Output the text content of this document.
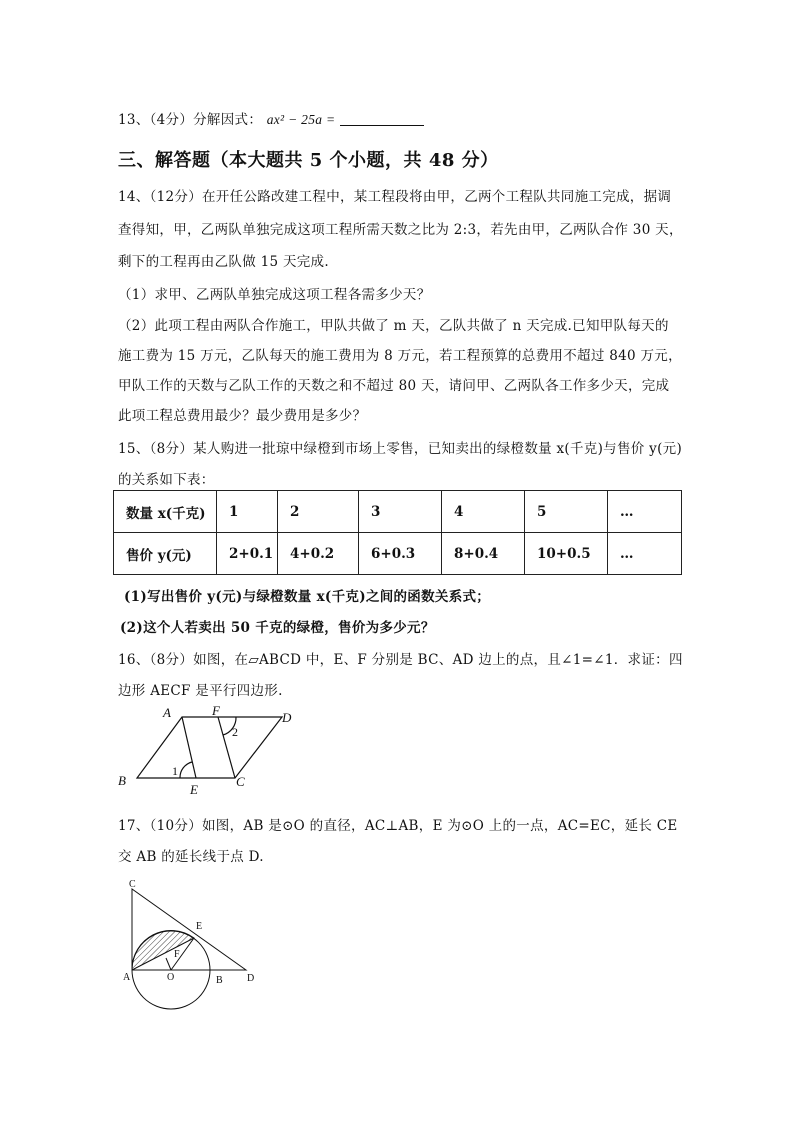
13、（4分）分解因式： ax² − 25a =
三、解答题（本大题共 5 个小题，共 48 分）
14、（12分）在开任公路改建工程中，某工程段将由甲，乙两个工程队共同施工完成，据调
查得知，甲，乙两队单独完成这项工程所需天数之比为 2:3，若先由甲，乙两队合作 30 天，
剩下的工程再由乙队做 15 天完成.
（1）求甲、乙两队单独完成这项工程各需多少天？
（2）此项工程由两队合作施工，甲队共做了 m 天，乙队共做了 n 天完成.已知甲队每天的
施工费为 15 万元，乙队每天的施工费用为 8 万元，若工程预算的总费用不超过 840 万元，
甲队工作的天数与乙队工作的天数之和不超过 80 天，请问甲、乙两队各工作多少天，完成
此项工程总费用最少？最少费用是多少？
15、（8分）某人购进一批琼中绿橙到市场上零售，已知卖出的绿橙数量 x(千克)与售价 y(元)
的关系如下表：
数量 x(千克)	1	2	3	4	5	…
售价 y(元)	2+0.1	4+0.2	6+0.3	8+0.4	10+0.5	…
(1)写出售价 y(元)与绿橙数量 x(千克)之间的函数关系式；
(2)这个人若卖出 50 千克的绿橙，售价为多少元？
16、（8分）如图，在▱ABCD 中，E、F 分别是 BC、AD 边上的点，且∠1=∠1．求证：四
边形 AECF 是平行四边形.
A	F	D
B
E
C
1
2
17、（10分）如图，AB 是⊙O 的直径，AC⊥AB，E 为⊙O 上的一点，AC=EC，延长 CE
交 AB 的延长线于点 D.
C
E
F
A	O	B D
